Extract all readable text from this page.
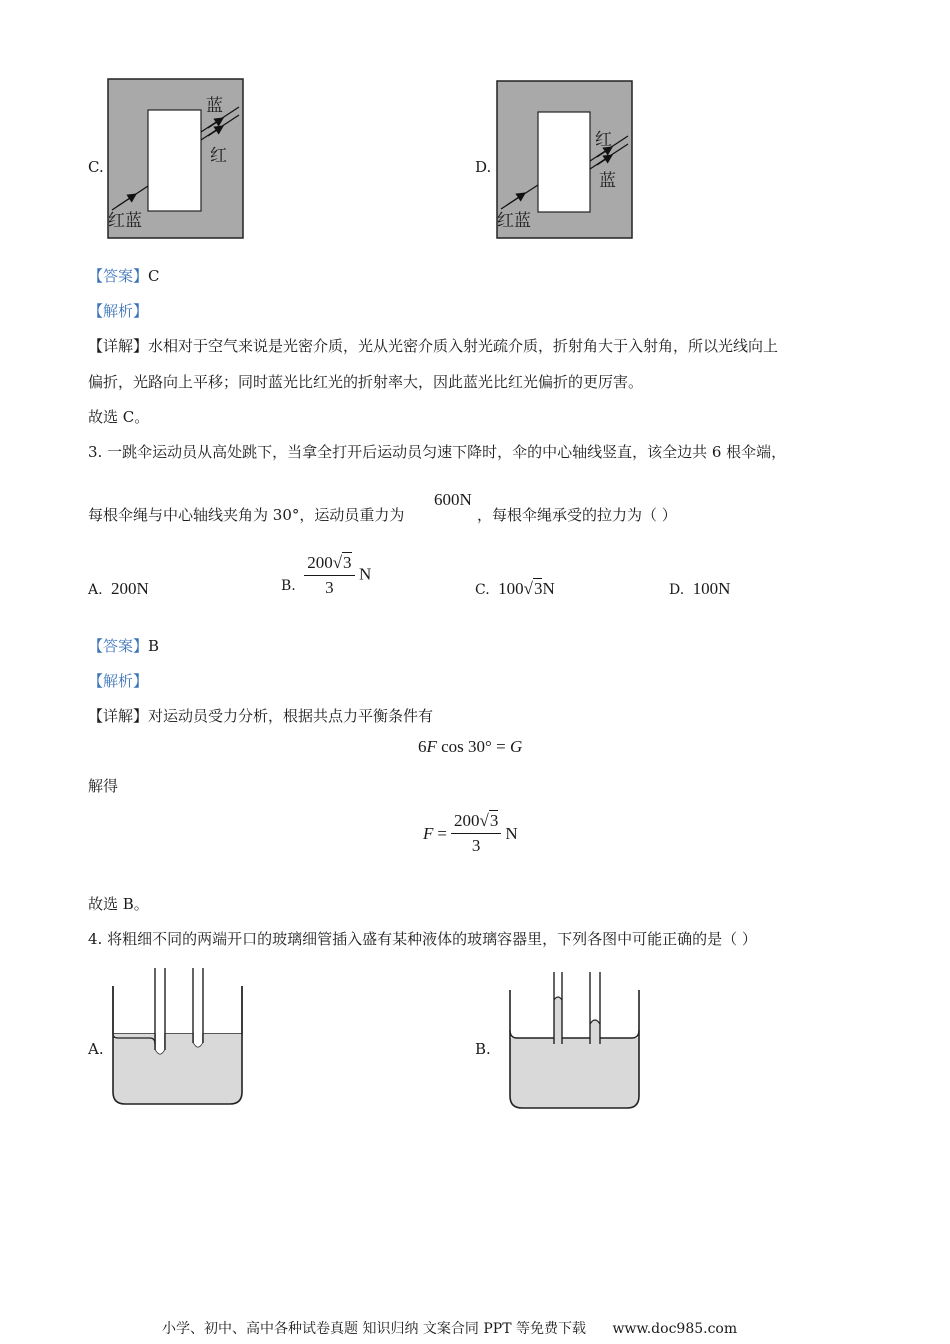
C.
蓝
红
红蓝
D.
红
蓝
红蓝
【答案】C
【解析】
【详解】水相对于空气来说是光密介质，光从光密介质入射光疏介质，折射角大于入射角，所以光线向上
偏折，光路向上平移；同时蓝光比红光的折射率大，因此蓝光比红光偏折的更厉害。
故选 C。
3. 一跳伞运动员从高处跳下，当拿全打开后运动员匀速下降时，伞的中心轴线竖直，该全边共 6 根伞端，
每根伞绳与中心轴线夹角为 30°，运动员重力为
600N
，每根伞绳承受的拉力为（ ）
A. 200N	B. $\frac{200√3}{3}$ N
C. 100√3N	D. 100N
【答案】B
【解析】
【详解】对运动员受力分析，根据共点力平衡条件有
6F cos 30° = G
解得
$F = \frac{200√3}{3}$ N
故选 B。
4. 将粗细不同的两端开口的玻璃细管插入盛有某种液体的玻璃容器里，下列各图中可能正确的是（ ）
A.	B.
小学、初中、高中各种试卷真题 知识归纳 文案合同 PPT 等免费下载 www.doc985.com
